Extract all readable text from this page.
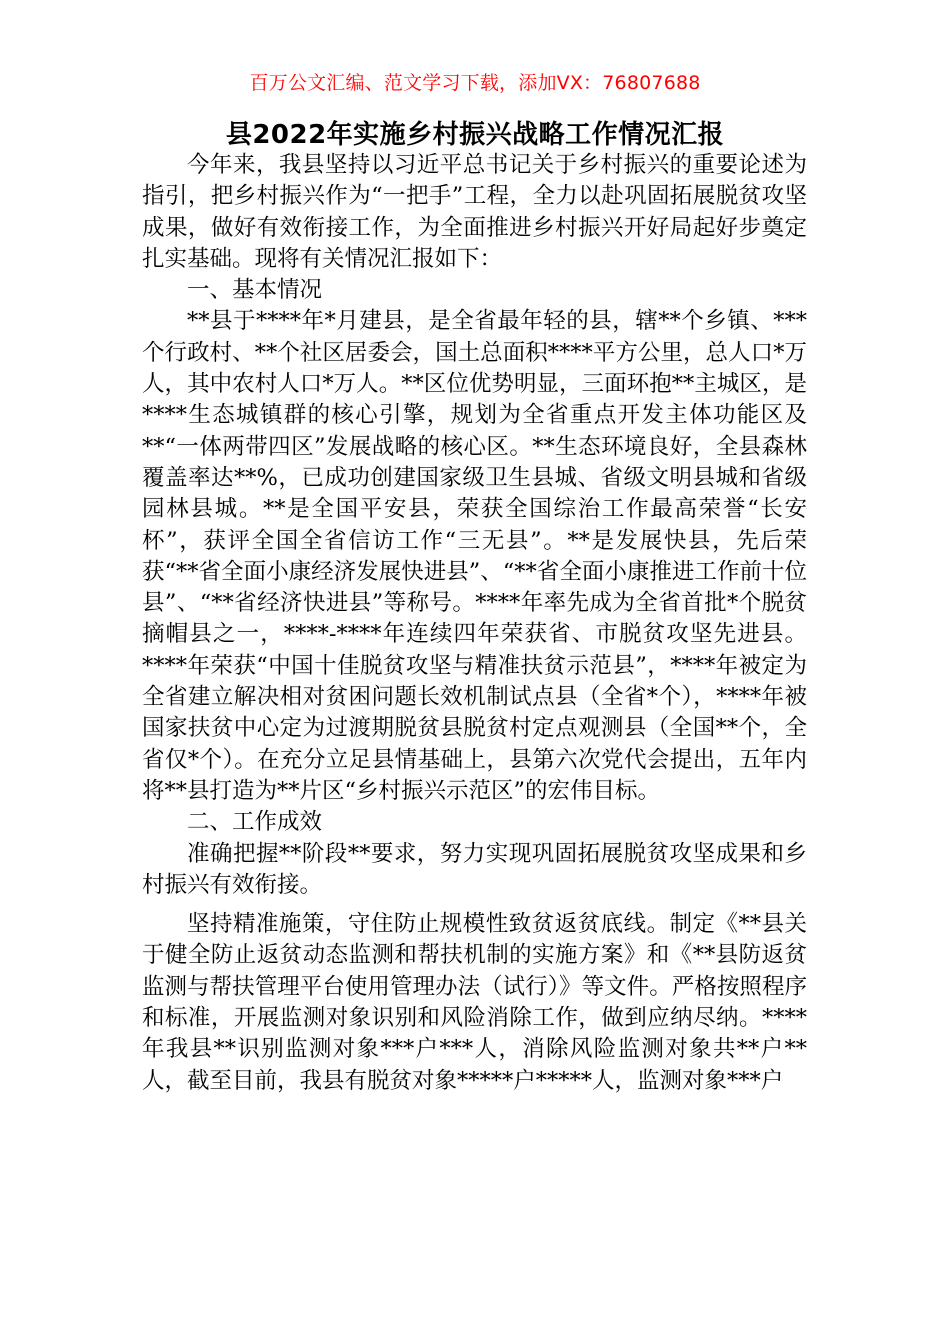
百万公文汇编、范文学习下载，添加VX：76807688
县2022年实施乡村振兴战略工作情况汇报

今年来，我县坚持以习近平总书记关于乡村振兴的重要论述为指引，把乡村振兴作为“一把手”工程，全力以赴巩固拓展脱贫攻坚成果，做好有效衔接工作，为全面推进乡村振兴开好局起好步奠定扎实基础。现将有关情况汇报如下：

一、基本情况

**县于****年*月建县，是全省最年轻的县，辖**个乡镇、***个行政村、**个社区居委会，国土总面积****平方公里，总人口*万人，其中农村人口*万人。**区位优势明显，三面环抱**主城区，是****生态城镇群的核心引擎，规划为全省重点开发主体功能区及**“一体两带四区”发展战略的核心区。**生态环境良好，全县森林覆盖率达**%，已成功创建国家级卫生县城、省级文明县城和省级园林县城。**是全国平安县，荣获全国综治工作最高荣誉“长安杯”，获评全国全省信访工作“三无县”。**是发展快县，先后荣获“**省全面小康经济发展快进县”、“**省全面小康推进工作前十位县”、“**省经济快进县”等称号。****年率先成为全省首批*个脱贫摘帽县之一，****-****年连续四年荣获省、市脱贫攻坚先进县。****年荣获“中国十佳脱贫攻坚与精准扶贫示范县”，****年被定为全省建立解决相对贫困问题长效机制试点县（全省*个），****年被国家扶贫中心定为过渡期脱贫县脱贫村定点观测县（全国**个，全省仅*个）。在充分立足县情基础上，县第六次党代会提出，五年内将**县打造为**片区“乡村振兴示范区”的宏伟目标。

二、工作成效

准确把握**阶段**要求，努力实现巩固拓展脱贫攻坚成果和乡村振兴有效衔接。

坚持精准施策，守住防止规模性致贫返贫底线。制定《**县关于健全防止返贫动态监测和帮扶机制的实施方案》和《**县防返贫监测与帮扶管理平台使用管理办法（试行）》等文件。严格按照程序和标准，开展监测对象识别和风险消除工作，做到应纳尽纳。****年我县**识别监测对象***户***人，消除风险监测对象共**户**人，截至目前，我县有脱贫对象*****户*****人，监测对象***户
